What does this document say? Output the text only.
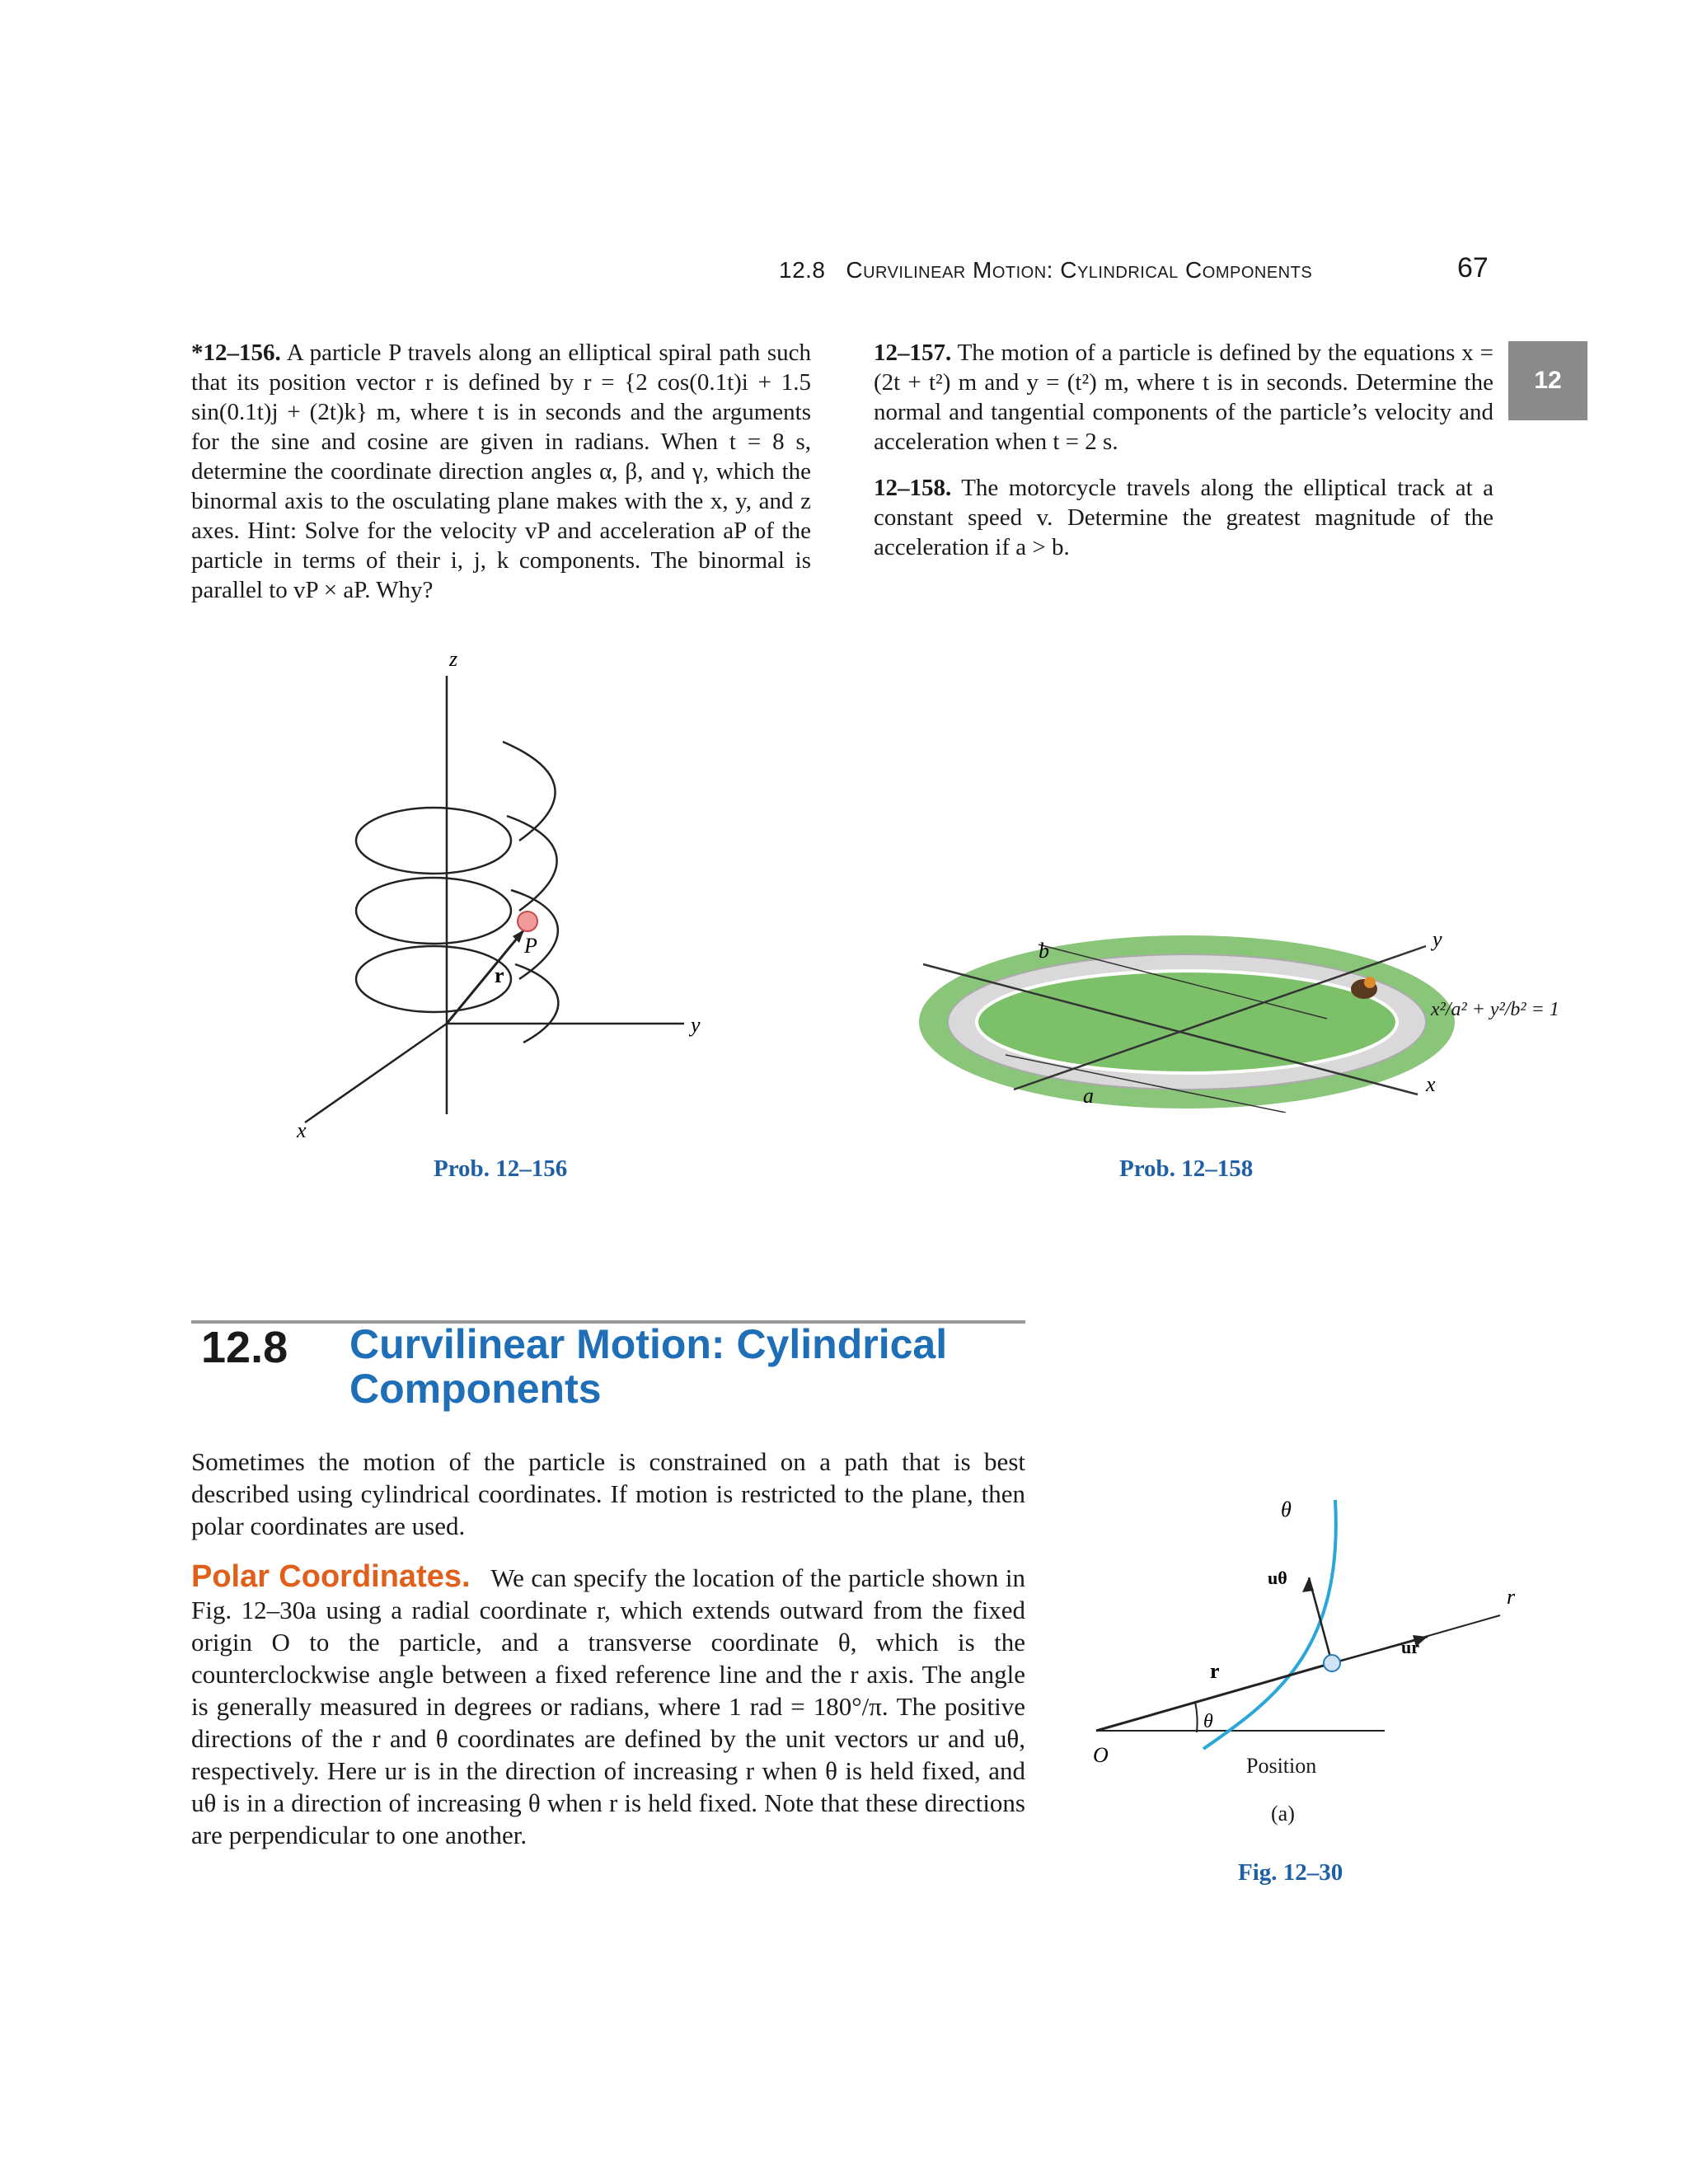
12.8 Curvilinear Motion: Cylindrical Components	67
12
*12–156. A particle P travels along an elliptical spiral path such that its position vector r is defined by r = {2 cos(0.1t)i + 1.5 sin(0.1t)j + (2t)k} m, where t is in seconds and the arguments for the sine and cosine are given in radians. When t = 8 s, determine the coordinate direction angles α, β, and γ, which the binormal axis to the osculating plane makes with the x, y, and z axes. Hint: Solve for the velocity vP and acceleration aP of the particle in terms of their i, j, k components. The binormal is parallel to vP × aP. Why?
12–157. The motion of a particle is defined by the equations x = (2t + t²) m and y = (t²) m, where t is in seconds. Determine the normal and tangential components of the particle’s velocity and acceleration when t = 2 s.
12–158. The motorcycle travels along the elliptical track at a constant speed v. Determine the greatest magnitude of the acceleration if a > b.
z
y
x
P
r
Prob. 12–156
b
a	x
y
x²/a² + y²/b² = 1
Prob. 12–158
12.8 Curvilinear Motion: Cylindrical Components
Sometimes the motion of the particle is constrained on a path that is best described using cylindrical coordinates. If motion is restricted to the plane, then polar coordinates are used.
Polar Coordinates. We can specify the location of the particle shown in Fig. 12–30a using a radial coordinate r, which extends outward from the fixed origin O to the particle, and a transverse coordinate θ, which is the counterclockwise angle between a fixed reference line and the r axis. The angle is generally measured in degrees or radians, where 1 rad = 180°/π. The positive directions of the r and θ coordinates are defined by the unit vectors ur and uθ, respectively. Here ur is in the direction of increasing r when θ is held fixed, and uθ is in a direction of increasing θ when r is held fixed. Note that these directions are perpendicular to one another.
θ
uθ
r
ur
r
θ
O	Position
(a)
Fig. 12–30
